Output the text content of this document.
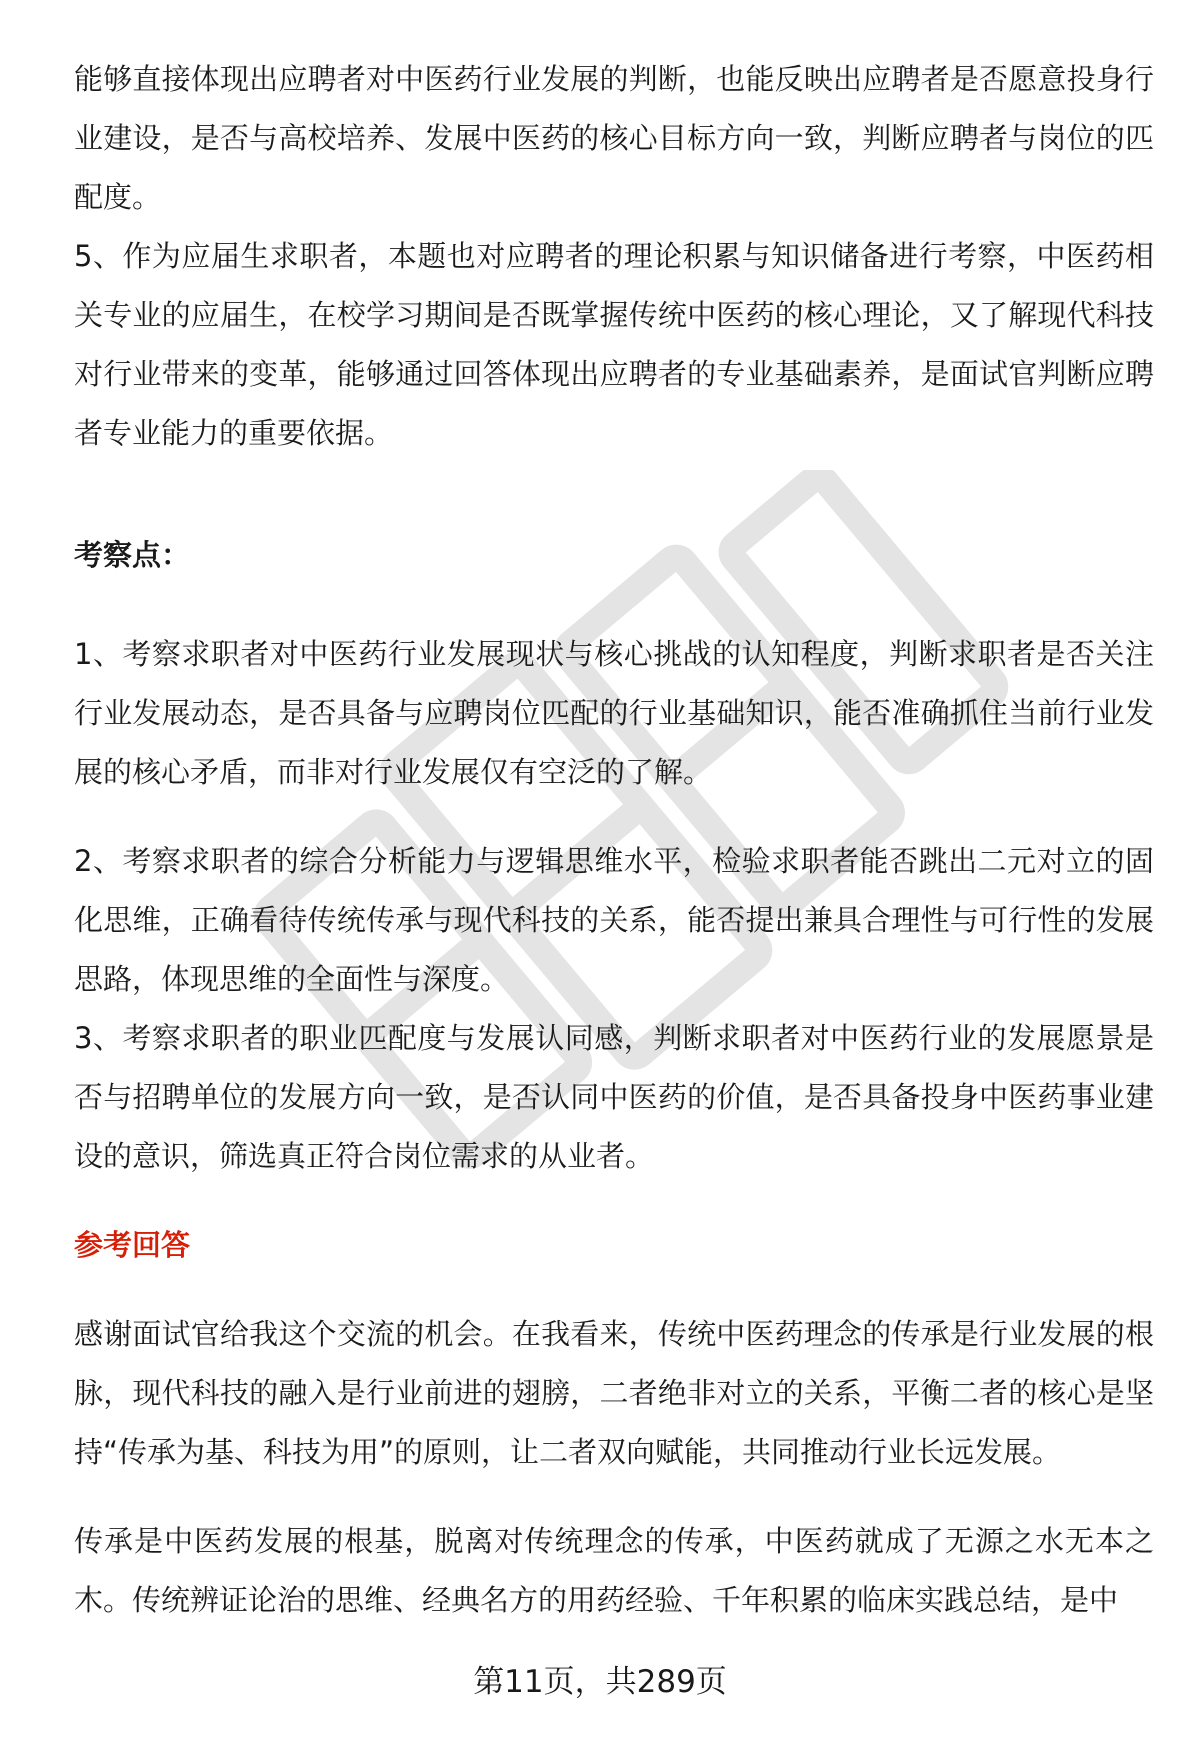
能够直接体现出应聘者对中医药行业发展的判断，也能反映出应聘者是否愿意投身行业建设，是否与高校培养、发展中医药的核心目标方向一致，判断应聘者与岗位的匹配度。

5、作为应届生求职者，本题也对应聘者的理论积累与知识储备进行考察，中医药相关专业的应届生，在校学习期间是否既掌握传统中医药的核心理论，又了解现代科技对行业带来的变革，能够通过回答体现出应聘者的专业基础素养，是面试官判断应聘者专业能力的重要依据。

考察点：

1、考察求职者对中医药行业发展现状与核心挑战的认知程度，判断求职者是否关注行业发展动态，是否具备与应聘岗位匹配的行业基础知识，能否准确抓住当前行业发展的核心矛盾，而非对行业发展仅有空泛的了解。

2、考察求职者的综合分析能力与逻辑思维水平，检验求职者能否跳出二元对立的固化思维，正确看待传统传承与现代科技的关系，能否提出兼具合理性与可行性的发展思路，体现思维的全面性与深度。

3、考察求职者的职业匹配度与发展认同感，判断求职者对中医药行业的发展愿景是否与招聘单位的发展方向一致，是否认同中医药的价值，是否具备投身中医药事业建设的意识，筛选真正符合岗位需求的从业者。

参考回答

感谢面试官给我这个交流的机会。在我看来，传统中医药理念的传承是行业发展的根脉，现代科技的融入是行业前进的翅膀，二者绝非对立的关系，平衡二者的核心是坚持“传承为基、科技为用”的原则，让二者双向赋能，共同推动行业长远发展。

传承是中医药发展的根基，脱离对传统理念的传承，中医药就成了无源之水无本之木。传统辨证论治的思维、经典名方的用药经验、千年积累的临床实践总结，是中

第11页，共289页
